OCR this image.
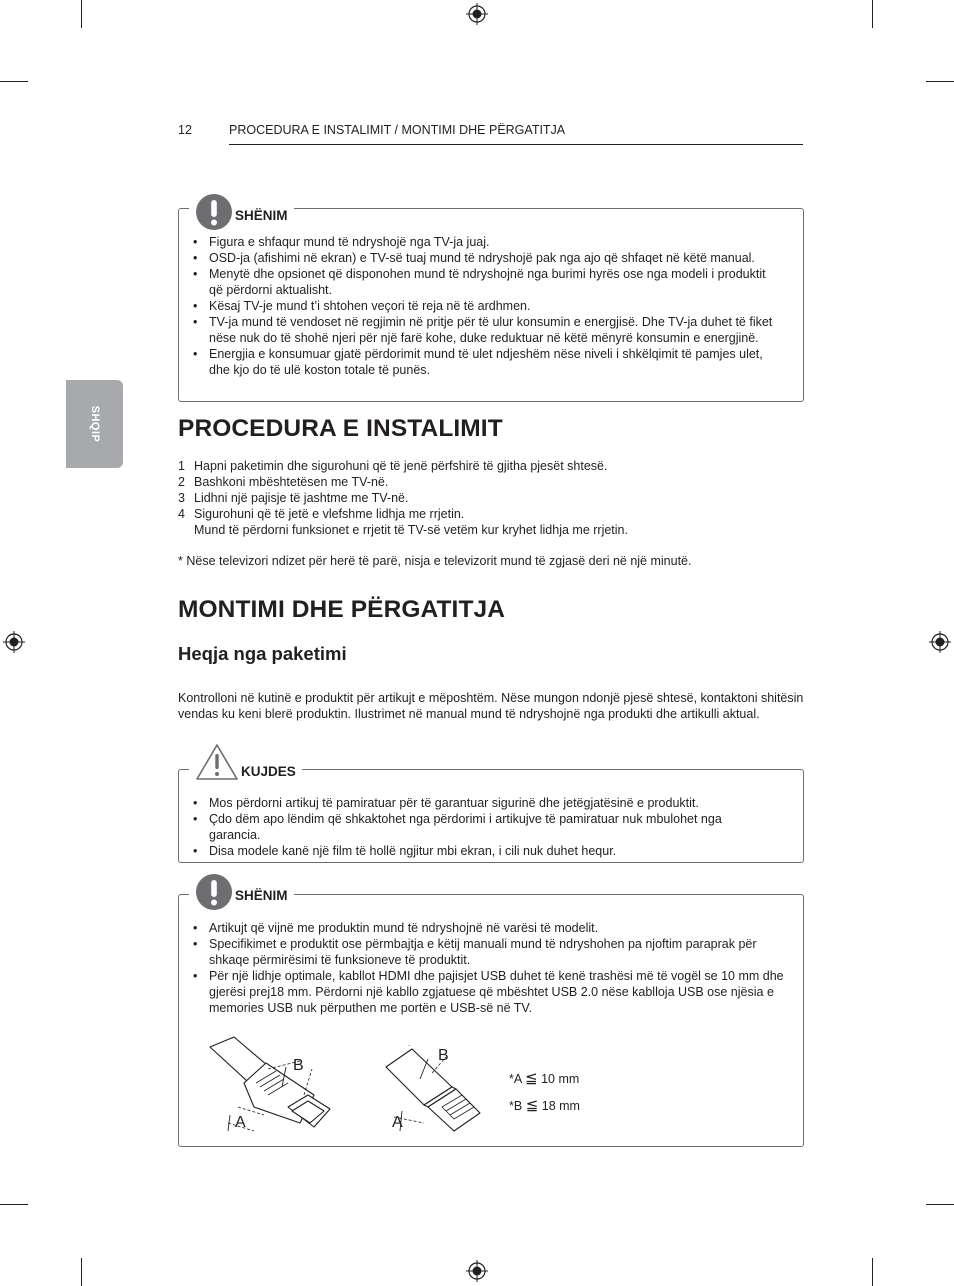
12	PROCEDURA E INSTALIMIT / MONTIMI DHE PËRGATITJA
SHQIP
SHËNIM
• Figura e shfaqur mund të ndryshojë nga TV-ja juaj.
• OSD-ja (afishimi në ekran) e TV-së tuaj mund të ndryshojë pak nga ajo që shfaqet në këtë manual.
• Menytë dhe opsionet që disponohen mund të ndryshojnë nga burimi hyrës ose nga modeli i produktit që përdorni aktualisht.
• Kësaj TV-je mund t’i shtohen veçori të reja në të ardhmen.
• TV-ja mund të vendoset në regjimin në pritje për të ulur konsumin e energjisë. Dhe TV-ja duhet të fiket nëse nuk do të shohë njeri për një farë kohe, duke reduktuar në këtë mënyrë konsumin e energjinë.
• Energjia e konsumuar gjatë përdorimit mund të ulet ndjeshëm nëse niveli i shkëlqimit të pamjes ulet, dhe kjo do të ulë koston totale të punës.
PROCEDURA E INSTALIMIT
1 Hapni paketimin dhe sigurohuni që të jenë përfshirë të gjitha pjesët shtesë.
2 Bashkoni mbështetësen me TV-në.
3 Lidhni një pajisje të jashtme me TV-në.
4 Sigurohuni që të jetë e vlefshme lidhja me rrjetin.
Mund të përdorni funksionet e rrjetit të TV-së vetëm kur kryhet lidhja me rrjetin.
* Nëse televizori ndizet për herë të parë, nisja e televizorit mund të zgjasë deri në një minutë.
MONTIMI DHE PËRGATITJA
Heqja nga paketimi
Kontrolloni në kutinë e produktit për artikujt e mëposhtëm. Nëse mungon ndonjë pjesë shtesë, kontaktoni shitësin vendas ku keni blerë produktin. Ilustrimet në manual mund të ndryshojnë nga produkti dhe artikulli aktual.
KUJDES
• Mos përdorni artikuj të pamiratuar për të garantuar sigurinë dhe jetëgjatësinë e produktit.
• Çdo dëm apo lëndim që shkaktohet nga përdorimi i artikujve të pamiratuar nuk mbulohet nga garancia.
• Disa modele kanë një film të hollë ngjitur mbi ekran, i cili nuk duhet hequr.
SHËNIM
• Artikujt që vijnë me produktin mund të ndryshojnë në varësi të modelit.
• Specifikimet e produktit ose përmbajtja e këtij manuali mund të ndryshohen pa njoftim paraprak për shkaqe përmirësimi të funksioneve të produktit.
• Për një lidhje optimale, kabllot HDMI dhe pajisjet USB duhet të kenë trashësi më të vogël se 10 mm dhe gjerësi prej18 mm. Përdorni një kabllo zgjatuese që mbështet USB 2.0 nëse kablloja USB ose njësia e memories USB nuk përputhen me portën e USB-së në TV.
B
A
B
A
*A ≦ 10 mm
*B ≦ 18 mm
